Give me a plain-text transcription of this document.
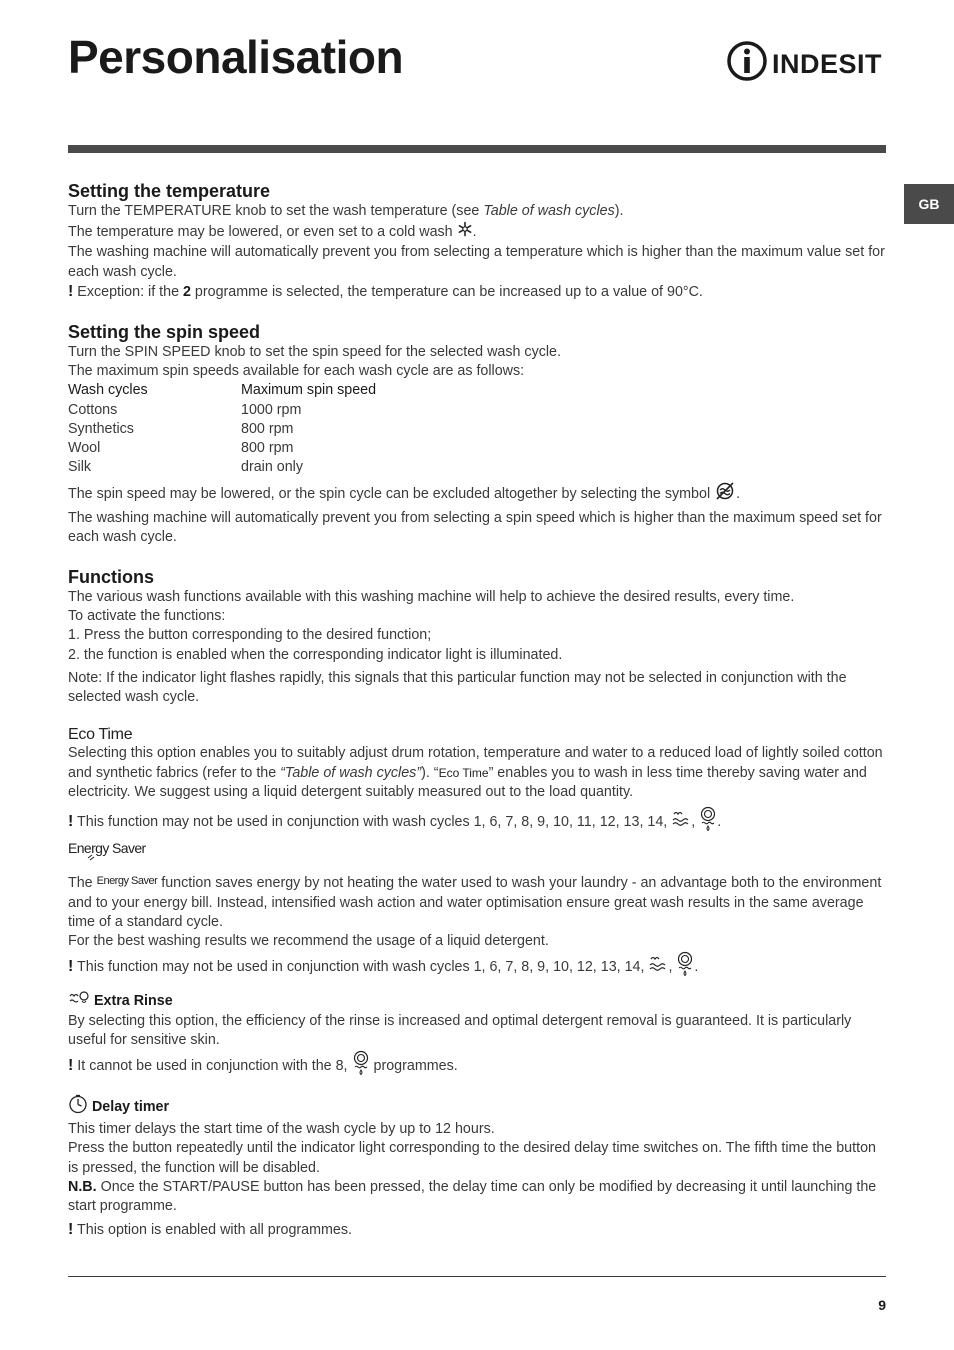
Personalisation	INDESIT
GB
Setting the temperature

Turn the TEMPERATURE knob to set the wash temperature (see Table of wash cycles).

The temperature may be lowered, or even set to a cold wash .

The washing machine will automatically prevent you from selecting a temperature which is higher than the maximum value set for each wash cycle.

! Exception: if the 2 programme is selected, the temperature can be increased up to a value of 90°C.

Setting the spin speed

Turn the SPIN SPEED knob to set the spin speed for the selected wash cycle.

The maximum spin speeds available for each wash cycle are as follows:

Wash cycles	Maximum spin speed
Cottons	1000 rpm
Synthetics	800 rpm
Wool	800 rpm
Silk	drain only

The spin speed may be lowered, or the spin cycle can be excluded altogether by selecting the symbol .

The washing machine will automatically prevent you from selecting a spin speed which is higher than the maximum speed set for each wash cycle.

Functions

The various wash functions available with this washing machine will help to achieve the desired results, every time.

To activate the functions:

1. Press the button corresponding to the desired function;

2. the function is enabled when the corresponding indicator light is illuminated.

Note: If the indicator light flashes rapidly, this signals that this particular function may not be selected in conjunction with the selected wash cycle.

Eco Time

Selecting this option enables you to suitably adjust drum rotation, temperature and water to a reduced load of lightly soiled cotton and synthetic fabrics (refer to the “Table of wash cycles”). “Eco Time” enables you to wash in less time thereby saving water and electricity. We suggest using a liquid detergent suitably measured out to the load quantity.

! This function may not be used in conjunction with wash cycles 1, 6, 7, 8, 9, 10, 11, 12, 13, 14, , .

Energy Saver

The $^{Energy Saver}$ function saves energy by not heating the water used to wash your laundry - an advantage both to the environment and to your energy bill. Instead, intensified wash action and water optimisation ensure great wash results in the same average time of a standard cycle.

For the best washing results we recommend the usage of a liquid detergent.

! This function may not be used in conjunction with wash cycles 1, 6, 7, 8, 9, 10, 12, 13, 14, , .

Extra Rinse

By selecting this option, the efficiency of the rinse is increased and optimal detergent removal is guaranteed. It is particularly useful for sensitive skin.

! It cannot be used in conjunction with the 8,  programmes.

Delay timer

This timer delays the start time of the wash cycle by up to 12 hours.

Press the button repeatedly until the indicator light corresponding to the desired delay time switches on. The fifth time the button is pressed, the function will be disabled.

N.B. Once the START/PAUSE button has been pressed, the delay time can only be modified by decreasing it until launching the start programme.

! This option is enabled with all programmes.

9
